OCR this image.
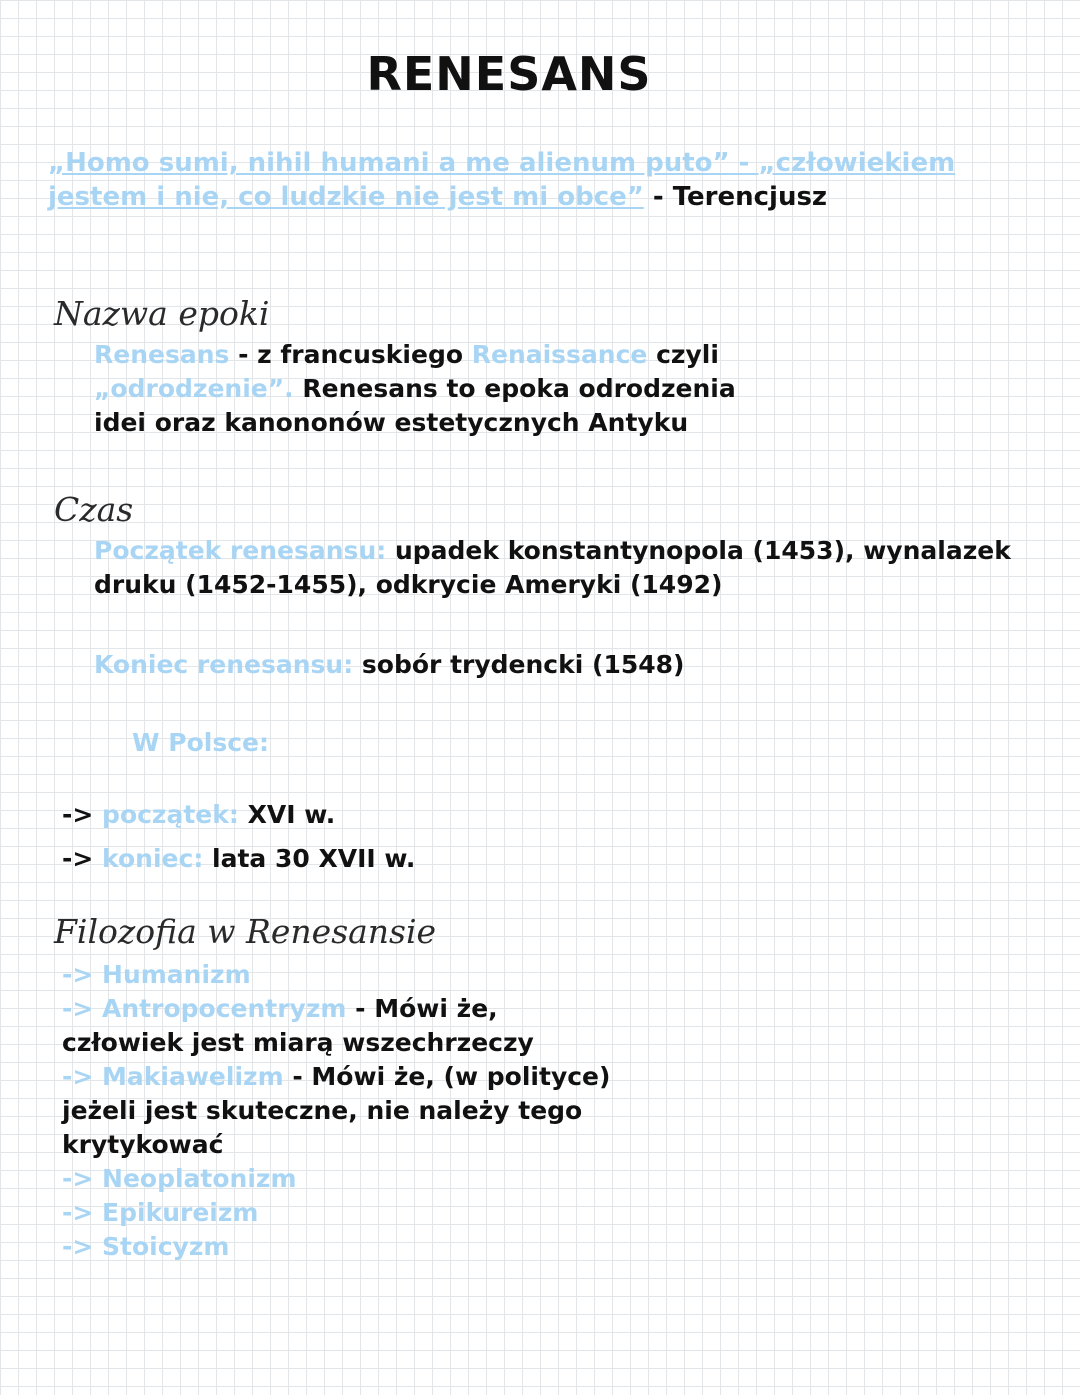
RENESANS

„Homo sumi, nihil humani a me alienum puto” - „człowiekiem jestem i nie, co ludzkie nie jest mi obce” - Terencjusz

Nazwa epoki

Renesans - z francuskiego Renaissance czyli „odrodzenie”. Renesans to epoka odrodzenia idei oraz kanononów estetycznych Antyku

Czas

Początek renesansu: upadek konstantynopola (1453), wynalazek druku (1452-1455), odkrycie Ameryki (1492)

Koniec renesansu: sobór trydencki (1548)

W Polsce:
-> początek: XVI w.
-> koniec: lata 30 XVII w.
Filozofia w Renesansie
-> Humanizm
-> Antropocentryzm - Mówi że, człowiek jest miarą wszechrzeczy
-> Makiawelizm - Mówi że, (w polityce) jeżeli jest skuteczne, nie należy tego krytykować
-> Neoplatonizm
-> Epikureizm
-> Stoicyzm
